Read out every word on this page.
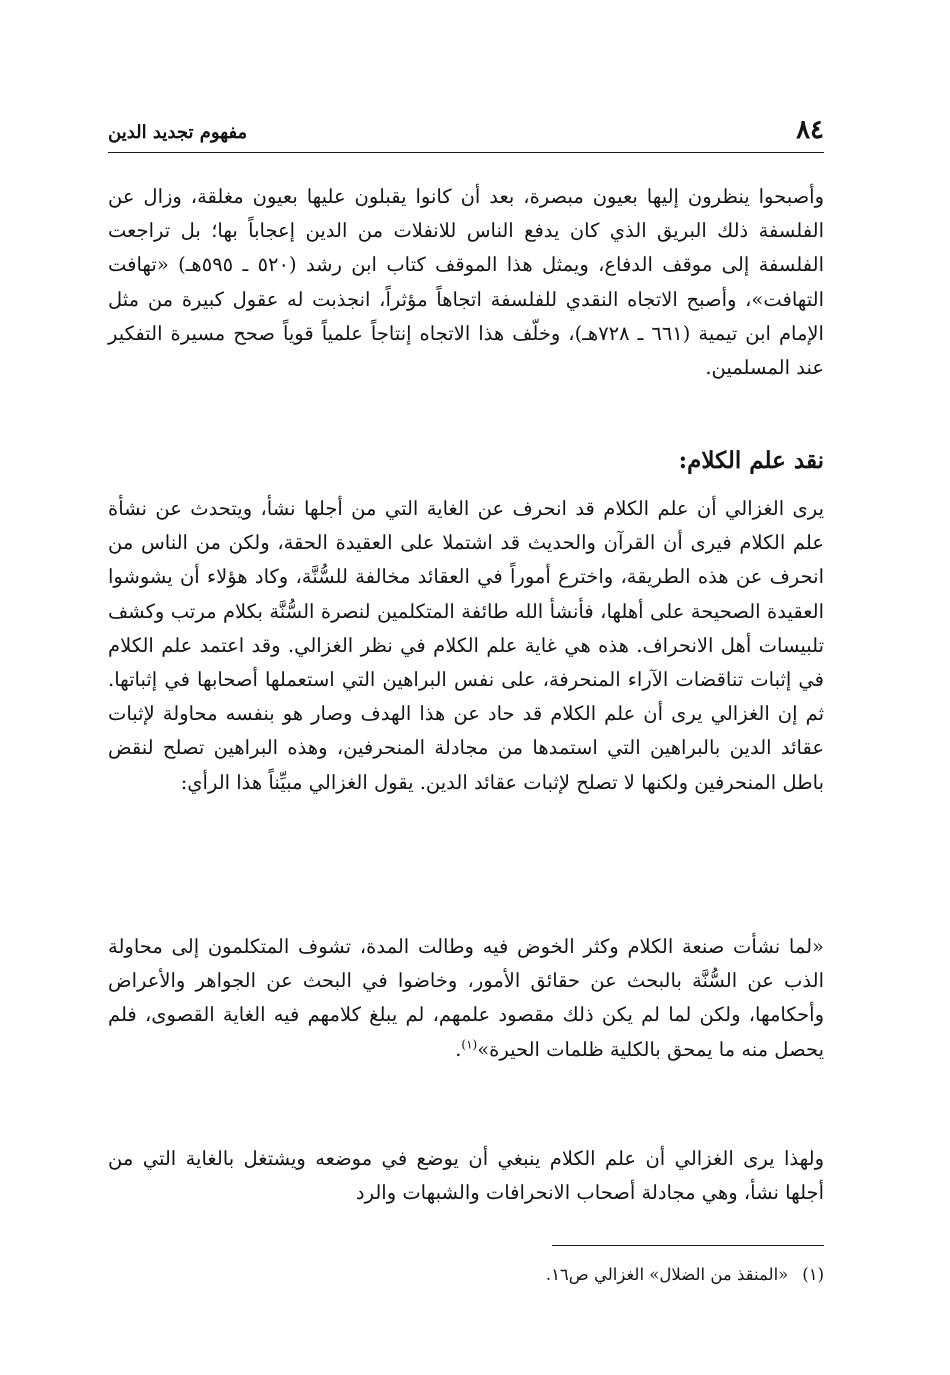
٨٤
مفهوم تجديد الدين

وأصبحوا ينظرون إليها بعيون مبصرة، بعد أن كانوا يقبلون عليها بعيون مغلقة، وزال عن الفلسفة ذلك البريق الذي كان يدفع الناس للانفلات من الدين إعجاباً بها؛ بل تراجعت الفلسفة إلى موقف الدفاع، ويمثل هذا الموقف كتاب ابن رشد (٥٢٠ ـ ٥٩٥هـ) «تهافت التهافت»، وأصبح الاتجاه النقدي للفلسفة اتجاهاً مؤثراً، انجذبت له عقول كبيرة من مثل الإمام ابن تيمية (٦٦١ ـ ٧٢٨هـ)، وخلّف هذا الاتجاه إنتاجاً علمياً قوياً صحح مسيرة التفكير عند المسلمين.

نقد علم الكلام:

يرى الغزالي أن علم الكلام قد انحرف عن الغاية التي من أجلها نشأ، ويتحدث عن نشأة علم الكلام فيرى أن القرآن والحديث قد اشتملا على العقيدة الحقة، ولكن من الناس من انحرف عن هذه الطريقة، واخترع أموراً في العقائد مخالفة للسُّنَّة، وكاد هؤلاء أن يشوشوا العقيدة الصحيحة على أهلها، فأنشأ الله طائفة المتكلمين لنصرة السُّنَّة بكلام مرتب وكشف تلبيسات أهل الانحراف. هذه هي غاية علم الكلام في نظر الغزالي. وقد اعتمد علم الكلام في إثبات تناقضات الآراء المنحرفة، على نفس البراهين التي استعملها أصحابها في إثباتها. ثم إن الغزالي يرى أن علم الكلام قد حاد عن هذا الهدف وصار هو بنفسه محاولة لإثبات عقائد الدين بالبراهين التي استمدها من مجادلة المنحرفين، وهذه البراهين تصلح لنقض باطل المنحرفين ولكنها لا تصلح لإثبات عقائد الدين. يقول الغزالي مبيِّناً هذا الرأي:

«لما نشأت صنعة الكلام وكثر الخوض فيه وطالت المدة، تشوف المتكلمون إلى محاولة الذب عن السُّنَّة بالبحث عن حقائق الأمور، وخاضوا في البحث عن الجواهر والأعراض وأحكامها، ولكن لما لم يكن ذلك مقصود علمهم، لم يبلغ كلامهم فيه الغاية القصوى، فلم يحصل منه ما يمحق بالكلية ظلمات الحيرة»$^{(١)}$.

ولهذا يرى الغزالي أن علم الكلام ينبغي أن يوضع في موضعه ويشتغل بالغاية التي من أجلها نشأ، وهي مجادلة أصحاب الانحرافات والشبهات والرد

(١)«المنقذ من الضلال» الغزالي ص١٦.
